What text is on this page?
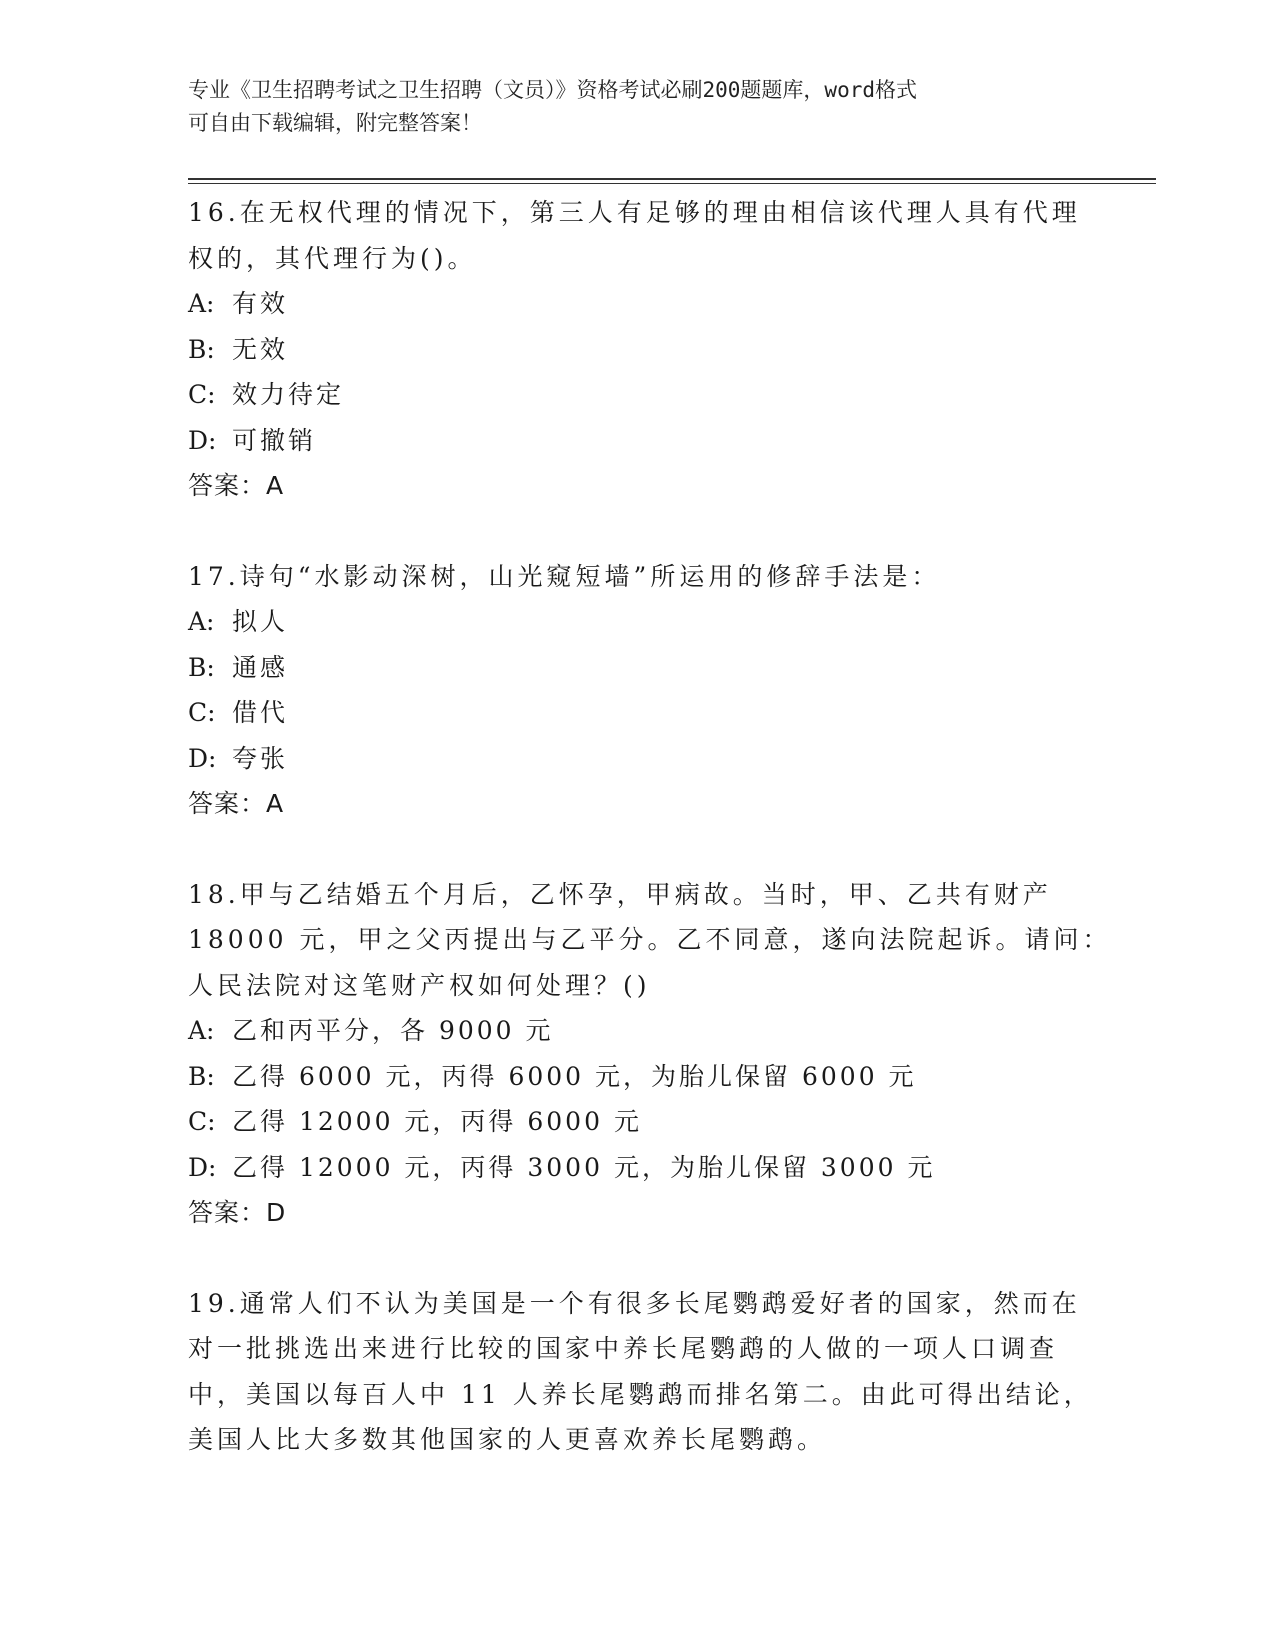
专业《卫生招聘考试之卫生招聘（文员）》资格考试必刷200题题库，word格式
可自由下载编辑，附完整答案！
16.在无权代理的情况下，第三人有足够的理由相信该代理人具有代理
权的，其代理行为()。
A: 有效
B: 无效
C: 效力待定
D: 可撤销
答案：A
17.诗句“水影动深树，山光窥短墙”所运用的修辞手法是：
A: 拟人
B: 通感
C: 借代
D: 夸张
答案：A
18.甲与乙结婚五个月后，乙怀孕，甲病故。当时，甲、乙共有财产
18000 元，甲之父丙提出与乙平分。乙不同意，遂向法院起诉。请问：
人民法院对这笔财产权如何处理？()
A: 乙和丙平分，各 9000 元
B: 乙得 6000 元，丙得 6000 元，为胎儿保留 6000 元
C: 乙得 12000 元，丙得 6000 元
D: 乙得 12000 元，丙得 3000 元，为胎儿保留 3000 元
答案：D
19.通常人们不认为美国是一个有很多长尾鹦鹉爱好者的国家，然而在
对一批挑选出来进行比较的国家中养长尾鹦鹉的人做的一项人口调查
中，美国以每百人中 11 人养长尾鹦鹉而排名第二。由此可得出结论，
美国人比大多数其他国家的人更喜欢养长尾鹦鹉。
